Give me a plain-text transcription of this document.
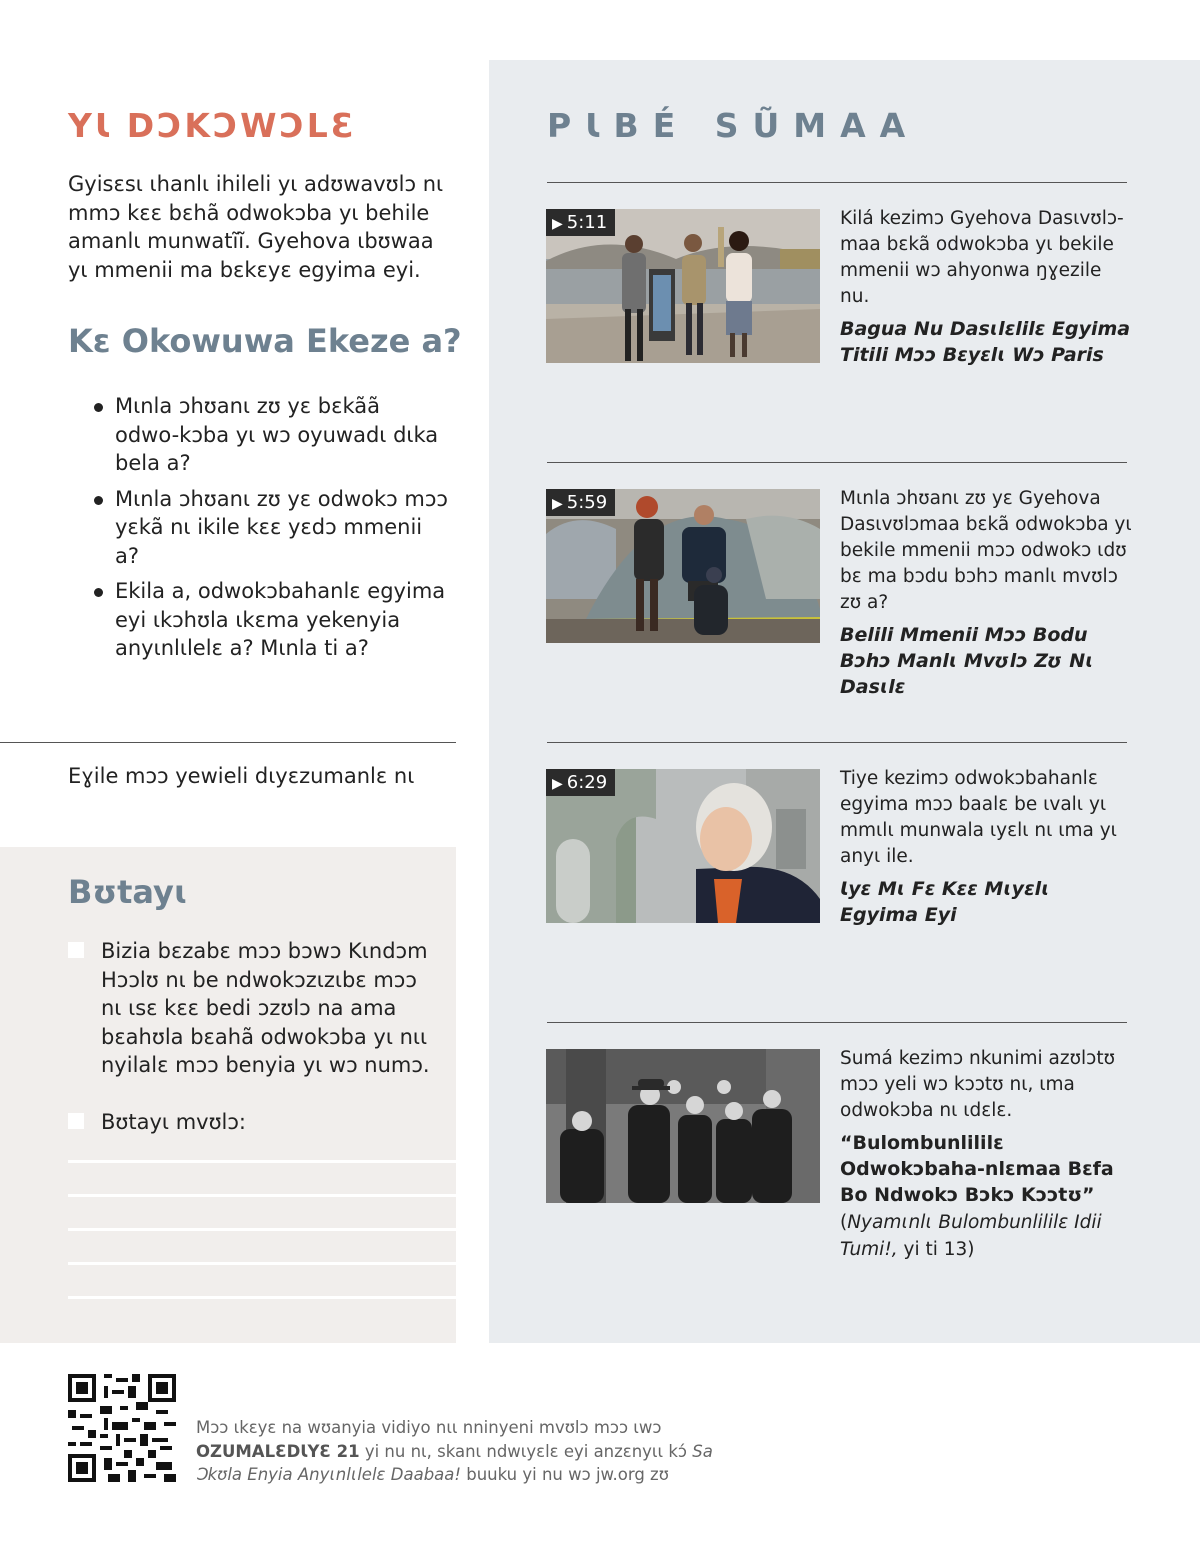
YƖ DƆKƆWƆLƐ

Gyisɛsɩ ɩhanlɩ ihileli yɩ adʊwavʊlɔ nɩ mmɔ kɛɛ bɛhã odwokɔba yɩ behile amanlɩ munwatĩĩ. Gyehova ɩbʊwaa yɩ mmenii ma bɛkɛyɛ egyima eyi.

Kɛ Okowuwa Ekeze a?
Mɩnla ɔhʊanɩ zʊ yɛ bɛkãã odwo-kɔba yɩ wɔ oyuwadɩ dɩka bela a?
Mɩnla ɔhʊanɩ zʊ yɛ odwokɔ mɔɔ yɛkã nɩ ikile kɛɛ yɛdɔ mmenii a?
Ekila a, odwokɔbahanlɛ egyima eyi ɩkɔhʊla ɩkɛma yekenyia anyɩnlɩlelɛ a? Mɩnla ti a?

Eɣile mɔɔ yewieli dɩyɛzumanlɛ nɩ

Bʊtayɩ
Bizia bɛzabɛ mɔɔ bɔwɔ Kɩndɔm Hɔɔlʊ nɩ be ndwokɔzɩzɩbɛ mɔɔ nɩ ɩsɛ kɛɛ bedi ɔzʊlɔ na ama bɛahʊla bɛahã odwokɔba yɩ nɩɩ nyilalɛ mɔɔ benyia yɩ wɔ numɔ.
Bʊtayɩ mvʊlɔ:
PƖBÉ SŨMAA
▶ 5:11	Kilá kezimɔ Gyehova Dasɩvʊlɔ-maa bɛkã odwokɔba yɩ bekile mmenii wɔ ahyonwa ŋɣezile nu.

Bagua Nu Dasɩlɛlilɛ Egyima Titili Mɔɔ Bɛyɛlɩ Wɔ Paris

▶ 5:59	Mɩnla ɔhʊanɩ zʊ yɛ Gyehova Dasɩvʊlɔmaa bɛkã odwokɔba yɩ bekile mmenii mɔɔ odwokɔ ɩdʊ bɛ ma bɔdu bɔhɔ manlɩ mvʊlɔ zʊ a?

Belili Mmenii Mɔɔ Bodu Bɔhɔ Manlɩ Mvʊlɔ Zʊ Nɩ Dasɩlɛ

▶ 6:29	Tiye kezimɔ odwokɔbahanlɛ egyima mɔɔ baalɛ be ɩvalɩ yɩ mmɩlɩ munwala ɩyɛlɩ nɩ ɩma yɩ anyɩ ile.

Ɩyɛ Mɩ Fɛ Kɛɛ Mɩyɛlɩ Egyima Eyi

Sumá kezimɔ nkunimi azʊlɔtʊ mɔɔ yeli wɔ kɔɔtʊ nɩ, ɩma odwokɔba nɩ ɩdɛlɛ.

“Bulombunlililɛ Odwokɔbaha-nlɛmaa Bɛfa Bo Ndwokɔ Bɔkɔ Kɔɔtʊ” (Nyamɩnlɩ Bulombunlililɛ Idii Tumi!, yi ti 13)

Mɔɔ ɩkɛyɛ na wʊanyia vidiyo nɩɩ nninyeni mvʊlɔ mɔɔ ɩwɔ OZUMALƐDƖYƐ 21 yi nu nɩ, skanɩ ndwɩyɛlɛ eyi anzɛnyɩɩ kɔ́ Sa Ɔkʊla Enyia Anyɩnlɩlelɛ Daabaa! buuku yi nu wɔ jw.org zʊ
